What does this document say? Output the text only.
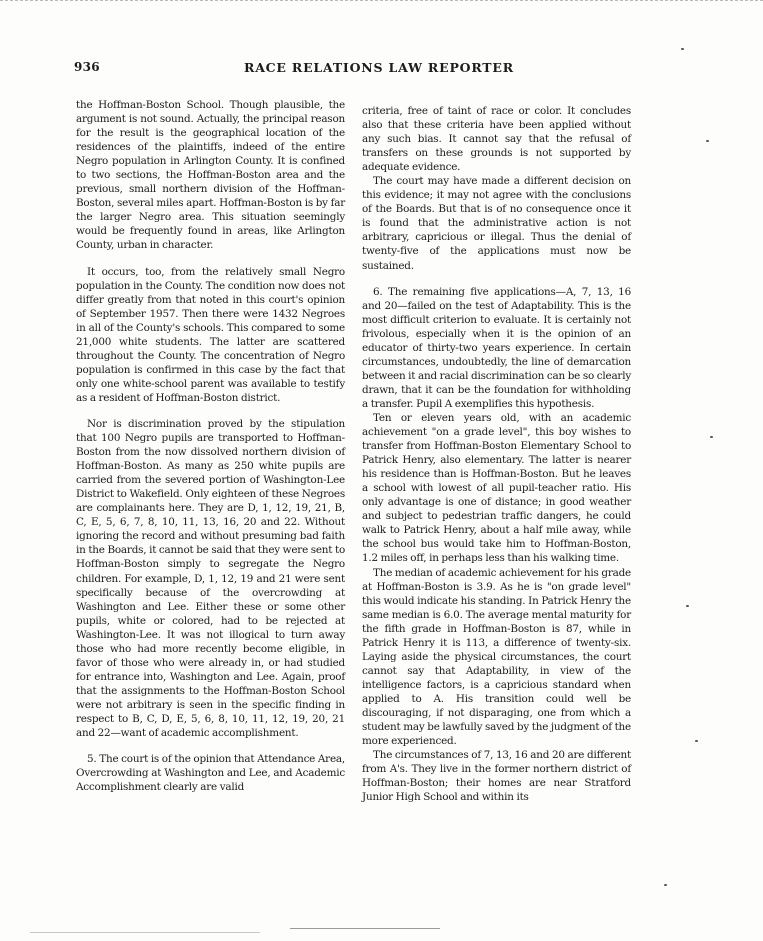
936	RACE RELATIONS LAW REPORTER

the Hoffman-Boston School. Though plausible, the argument is not sound. Actually, the principal reason for the result is the geographical location of the residences of the plaintiffs, indeed of the entire Negro population in Arlington County. It is confined to two sections, the Hoffman-Boston area and the previous, small northern division of the Hoffman-Boston, several miles apart. Hoffman-Boston is by far the larger Negro area. This situation seemingly would be frequently found in areas, like Arlington County, urban in character.

It occurs, too, from the relatively small Negro population in the County. The condition now does not differ greatly from that noted in this court's opinion of September 1957. Then there were 1432 Negroes in all of the County's schools. This compared to some 21,000 white students. The latter are scattered throughout the County. The concentration of Negro population is confirmed in this case by the fact that only one white-school parent was available to testify as a resident of Hoffman-Boston district.

Nor is discrimination proved by the stipulation that 100 Negro pupils are transported to Hoffman-Boston from the now dissolved northern division of Hoffman-Boston. As many as 250 white pupils are carried from the severed portion of Washington-Lee District to Wakefield. Only eighteen of these Negroes are complainants here. They are D, 1, 12, 19, 21, B, C, E, 5, 6, 7, 8, 10, 11, 13, 16, 20 and 22. Without ignoring the record and without presuming bad faith in the Boards, it cannot be said that they were sent to Hoffman-Boston simply to segregate the Negro children. For example, D, 1, 12, 19 and 21 were sent specifically because of the overcrowding at Washington and Lee. Either these or some other pupils, white or colored, had to be rejected at Washington-Lee. It was not illogical to turn away those who had more recently become eligible, in favor of those who were already in, or had studied for entrance into, Washington and Lee. Again, proof that the assignments to the Hoffman-Boston School were not arbitrary is seen in the specific finding in respect to B, C, D, E, 5, 6, 8, 10, 11, 12, 19, 20, 21 and 22—want of academic accomplishment.

5. The court is of the opinion that Attendance Area, Overcrowding at Washington and Lee, and Academic Accomplishment clearly are valid

criteria, free of taint of race or color. It concludes also that these criteria have been applied without any such bias. It cannot say that the refusal of transfers on these grounds is not supported by adequate evidence.

The court may have made a different decision on this evidence; it may not agree with the conclusions of the Boards. But that is of no consequence once it is found that the administrative action is not arbitrary, capricious or illegal. Thus the denial of twenty-five of the applications must now be sustained.

6. The remaining five applications—A, 7, 13, 16 and 20—failed on the test of Adaptability. This is the most difficult criterion to evaluate. It is certainly not frivolous, especially when it is the opinion of an educator of thirty-two years experience. In certain circumstances, undoubtedly, the line of demarcation between it and racial discrimination can be so clearly drawn, that it can be the foundation for withholding a transfer. Pupil A exemplifies this hypothesis.

Ten or eleven years old, with an academic achievement "on a grade level", this boy wishes to transfer from Hoffman-Boston Elementary School to Patrick Henry, also elementary. The latter is nearer his residence than is Hoffman-Boston. But he leaves a school with lowest of all pupil-teacher ratio. His only advantage is one of distance; in good weather and subject to pedestrian traffic dangers, he could walk to Patrick Henry, about a half mile away, while the school bus would take him to Hoffman-Boston, 1.2 miles off, in perhaps less than his walking time.

The median of academic achievement for his grade at Hoffman-Boston is 3.9. As he is "on grade level" this would indicate his standing. In Patrick Henry the same median is 6.0. The average mental maturity for the fifth grade in Hoffman-Boston is 87, while in Patrick Henry it is 113, a difference of twenty-six. Laying aside the physical circumstances, the court cannot say that Adaptability, in view of the intelligence factors, is a capricious standard when applied to A. His transition could well be discouraging, if not disparaging, one from which a student may be lawfully saved by the judgment of the more experienced.

The circumstances of 7, 13, 16 and 20 are different from A's. They live in the former northern district of Hoffman-Boston; their homes are near Stratford Junior High School and within its
